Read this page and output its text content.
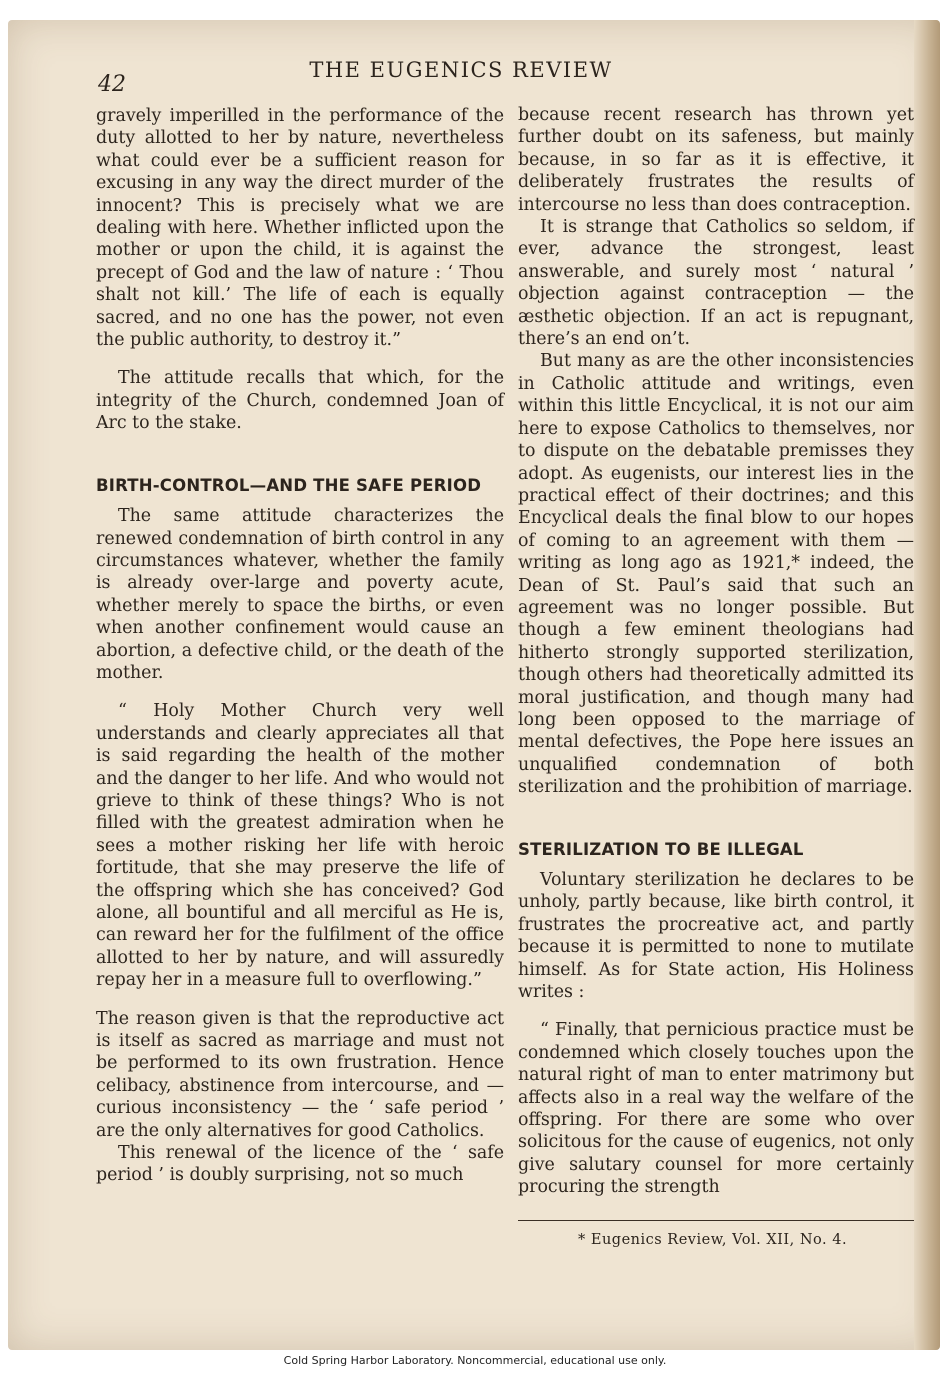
42
THE EUGENICS REVIEW

gravely imperilled in the performance of the duty allotted to her by nature, nevertheless what could ever be a sufficient reason for excusing in any way the direct murder of the innocent? This is precisely what we are dealing with here. Whether inflicted upon the mother or upon the child, it is against the precept of God and the law of nature : ‘ Thou shalt not kill.’ The life of each is equally sacred, and no one has the power, not even the public authority, to destroy it.”

The attitude recalls that which, for the integrity of the Church, condemned Joan of Arc to the stake.

BIRTH-CONTROL—AND THE SAFE PERIOD

The same attitude characterizes the renewed condemnation of birth control in any circumstances whatever, whether the family is already over-large and poverty acute, whether merely to space the births, or even when another confinement would cause an abortion, a defective child, or the death of the mother.

“ Holy Mother Church very well understands and clearly appreciates all that is said regarding the health of the mother and the danger to her life. And who would not grieve to think of these things? Who is not filled with the greatest admiration when he sees a mother risking her life with heroic fortitude, that she may preserve the life of the offspring which she has conceived? God alone, all bountiful and all merciful as He is, can reward her for the fulfilment of the office allotted to her by nature, and will assuredly repay her in a measure full to overflowing.”

The reason given is that the reproductive act is itself as sacred as marriage and must not be performed to its own frustration. Hence celibacy, abstinence from intercourse, and — curious inconsistency — the ‘ safe period ’ are the only alternatives for good Catholics.

This renewal of the licence of the ‘ safe period ’ is doubly surprising, not so much

because recent research has thrown yet further doubt on its safeness, but mainly because, in so far as it is effective, it deliberately frustrates the results of intercourse no less than does contraception.

It is strange that Catholics so seldom, if ever, advance the strongest, least answerable, and surely most ‘ natural ’ objection against contraception — the æsthetic objection. If an act is repugnant, there’s an end on’t.

But many as are the other inconsistencies in Catholic attitude and writings, even within this little Encyclical, it is not our aim here to expose Catholics to themselves, nor to dispute on the debatable premisses they adopt. As eugenists, our interest lies in the practical effect of their doctrines; and this Encyclical deals the final blow to our hopes of coming to an agreement with them —writing as long ago as 1921,* indeed, the Dean of St. Paul’s said that such an agreement was no longer possible. But though a few eminent theologians had hitherto strongly supported sterilization, though others had theoretically admitted its moral justification, and though many had long been opposed to the marriage of mental defectives, the Pope here issues an unqualified condemnation of both sterilization and the prohibition of marriage.

STERILIZATION TO BE ILLEGAL

Voluntary sterilization he declares to be unholy, partly because, like birth control, it frustrates the procreative act, and partly because it is permitted to none to mutilate himself. As for State action, His Holiness writes :

“ Finally, that pernicious practice must be condemned which closely touches upon the natural right of man to enter matrimony but affects also in a real way the welfare of the offspring. For there are some who over solicitous for the cause of eugenics, not only give salutary counsel for more certainly procuring the strength

* Eugenics Review, Vol. XII, No. 4.
Cold Spring Harbor Laboratory. Noncommercial, educational use only.
